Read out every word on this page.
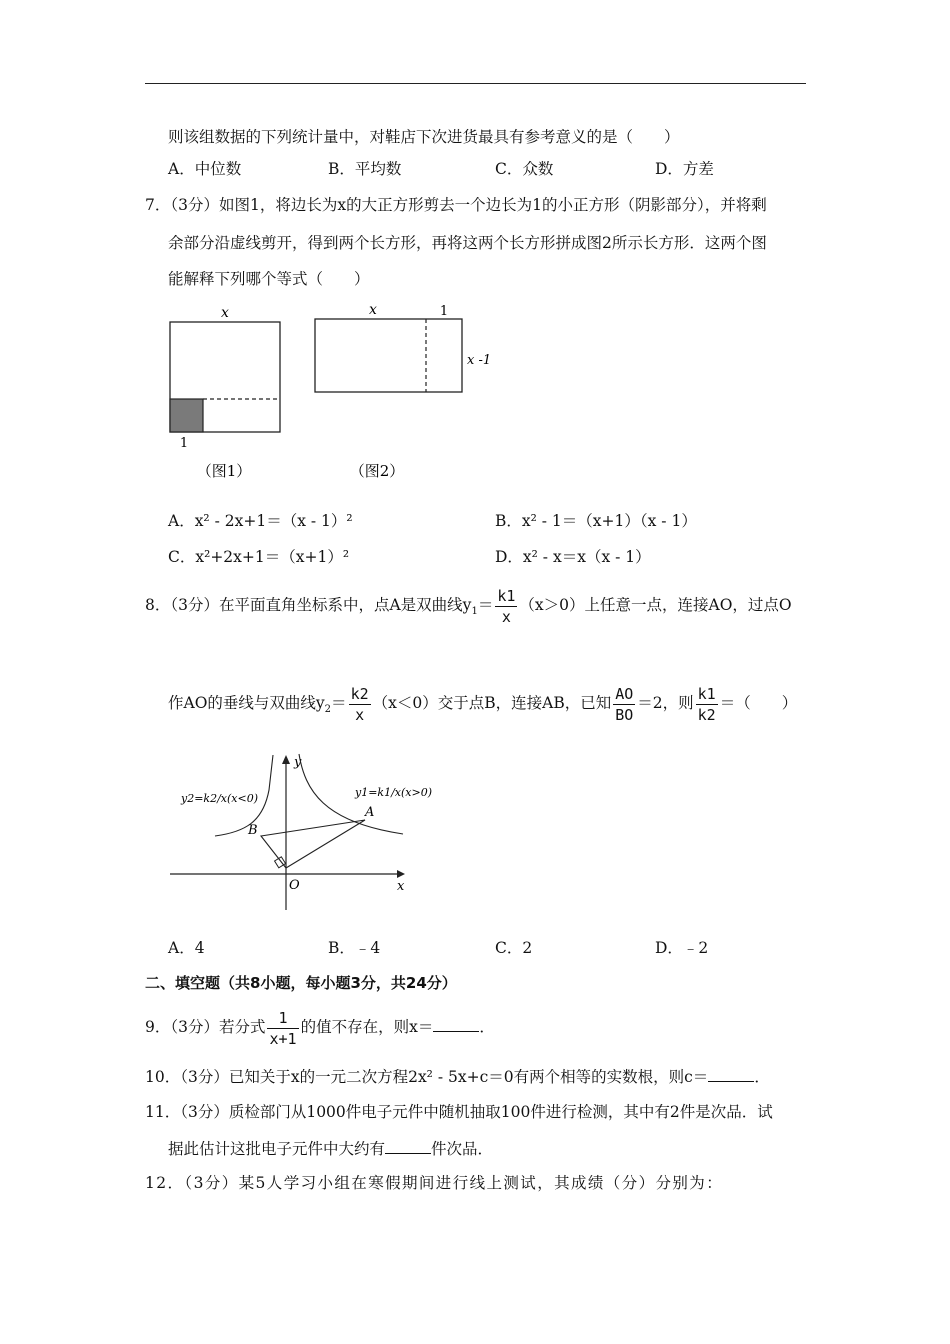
则该组数据的下列统计量中，对鞋店下次进货最具有参考意义的是（　　）
A．中位数	B．平均数	C．众数	D．方差
7．（3分）如图1，将边长为x的大正方形剪去一个边长为1的小正方形（阴影部分），并将剩
余部分沿虚线剪开，得到两个长方形，再将这两个长方形拼成图2所示长方形．这两个图
能解释下列哪个等式（　　）
x
1
（图1）
x	1
x -1
（图2）
A．x² - 2x+1＝（x - 1）²	B．x² - 1＝（x+1）（x - 1）
C．x²+2x+1＝（x+1）²	D．x² - x＝x（x - 1）
8．（3分）在平面直角坐标系中，点A是双曲线$y_1= \frac{k1}{x} (x>0)$上任意一点，连接AO，过点O
作AO的垂线与双曲线$y_2= \frac{k2}{x} (x<0)$交于点B，连接AB，已知 $\frac{AO}{BO} =2$，则 $\frac{k1}{k2}$ ＝（　　）
y
x
O
A
B
y2=k2/x(x<0)	y1=k1/x(x>0)
A．4	B．﹣4	C．2	D．﹣2
二、填空题（共8小题，每小题3分，共24分）
9．（3分）若分式 $\frac{1}{x+1}$ 的值不存在，则x＝	．
10．（3分）已知关于x的一元二次方程2x² - 5x+c＝0有两个相等的实数根，则c＝	．
11．（3分）质检部门从1000件电子元件中随机抽取100件进行检测，其中有2件是次品．试
据此估计这批电子元件中大约有	件次品．
12．（3分）某5人学习小组在寒假期间进行线上测试，其成绩（分）分别为：
